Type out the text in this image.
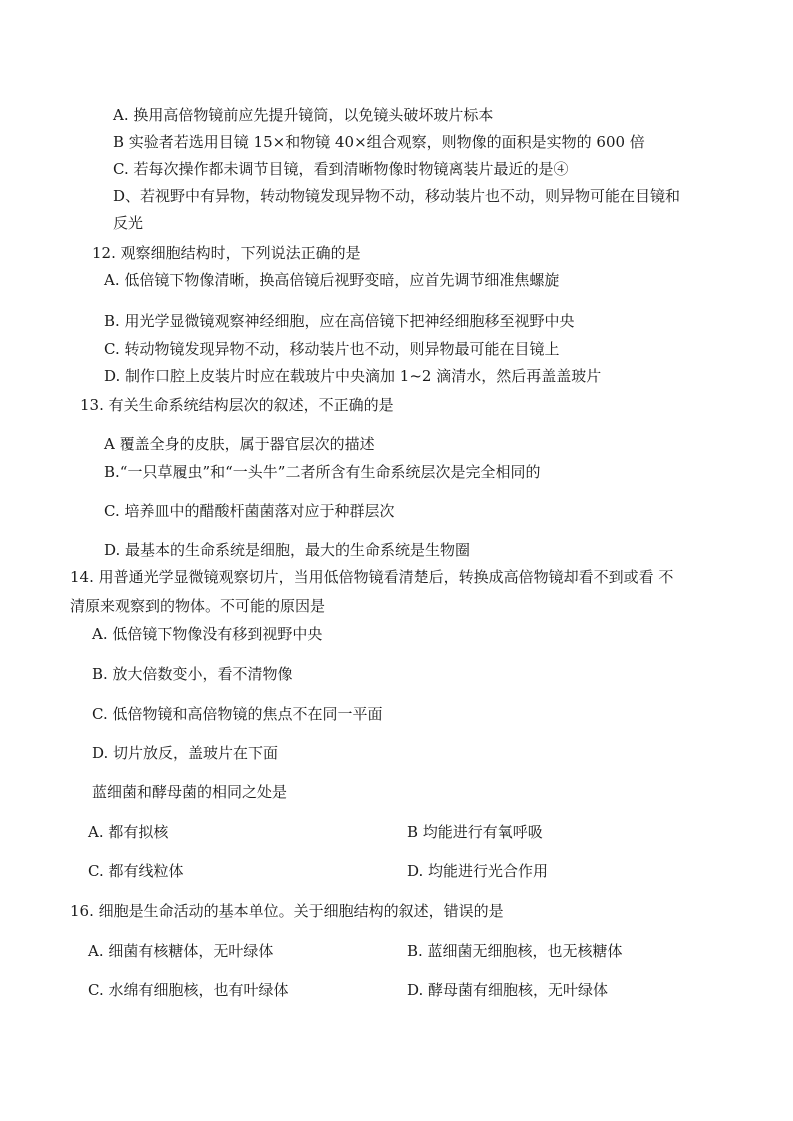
A. 换用高倍物镜前应先提升镜筒，以免镜头破坏玻片标本
B 实验者若选用目镜 15×和物镜 40×组合观察，则物像的面积是实物的 600 倍
C. 若每次操作都未调节目镜，看到清晰物像时物镜离装片最近的是④
D、若视野中有异物，转动物镜发现异物不动，移动装片也不动，则异物可能在目镜和
反光
12. 观察细胞结构时，下列说法正确的是
A. 低倍镜下物像清晰，换高倍镜后视野变暗，应首先调节细准焦螺旋
B. 用光学显微镜观察神经细胞，应在高倍镜下把神经细胞移至视野中央
C. 转动物镜发现异物不动，移动装片也不动，则异物最可能在目镜上
D. 制作口腔上皮装片时应在载玻片中央滴加 1~2 滴清水，然后再盖盖玻片
13. 有关生命系统结构层次的叙述，不正确的是
A 覆盖全身的皮肤，属于器官层次的描述
B.“一只草履虫”和“一头牛”二者所含有生命系统层次是完全相同的
C. 培养皿中的醋酸杆菌菌落对应于种群层次
D. 最基本的生命系统是细胞，最大的生命系统是生物圈
14. 用普通光学显微镜观察切片，当用低倍物镜看清楚后，转换成高倍物镜却看不到或看 不
清原来观察到的物体。不可能的原因是
A. 低倍镜下物像没有移到视野中央
B. 放大倍数变小，看不清物像
C. 低倍物镜和高倍物镜的焦点不在同一平面
D. 切片放反，盖玻片在下面
蓝细菌和酵母菌的相同之处是
A. 都有拟核	B 均能进行有氧呼吸
C. 都有线粒体	D. 均能进行光合作用
16. 细胞是生命活动的基本单位。关于细胞结构的叙述，错误的是
A. 细菌有核糖体，无叶绿体	B. 蓝细菌无细胞核，也无核糖体
C. 水绵有细胞核，也有叶绿体	D. 酵母菌有细胞核，无叶绿体
